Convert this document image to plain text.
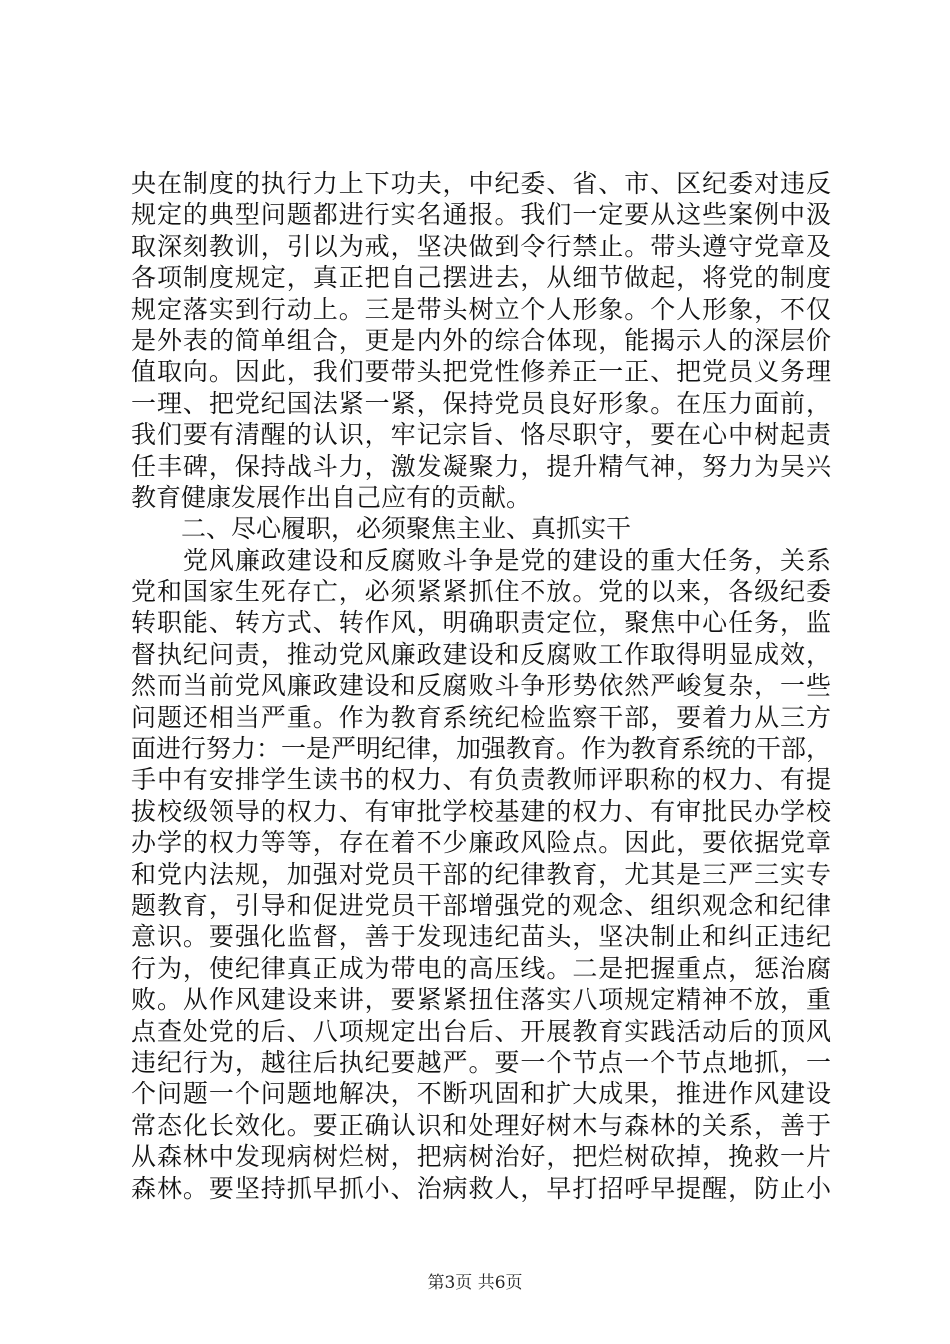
央在制度的执行力上下功夫，中纪委、省、市、区纪委对违反
规定的典型问题都进行实名通报。我们一定要从这些案例中汲
取深刻教训，引以为戒，坚决做到令行禁止。带头遵守党章及
各项制度规定，真正把自己摆进去，从细节做起，将党的制度
规定落实到行动上。三是带头树立个人形象。个人形象，不仅
是外表的简单组合，更是内外的综合体现，能揭示人的深层价
值取向。因此，我们要带头把党性修养正一正、把党员义务理
一理、把党纪国法紧一紧，保持党员良好形象。在压力面前，
我们要有清醒的认识，牢记宗旨、恪尽职守，要在心中树起责
任丰碑，保持战斗力，激发凝聚力，提升精气神，努力为吴兴
教育健康发展作出自己应有的贡献。
　　二、尽心履职，必须聚焦主业、真抓实干
　　党风廉政建设和反腐败斗争是党的建设的重大任务，关系
党和国家生死存亡，必须紧紧抓住不放。党的以来，各级纪委
转职能、转方式、转作风，明确职责定位，聚焦中心任务，监
督执纪问责，推动党风廉政建设和反腐败工作取得明显成效，
然而当前党风廉政建设和反腐败斗争形势依然严峻复杂，一些
问题还相当严重。作为教育系统纪检监察干部，要着力从三方
面进行努力：一是严明纪律，加强教育。作为教育系统的干部，
手中有安排学生读书的权力、有负责教师评职称的权力、有提
拔校级领导的权力、有审批学校基建的权力、有审批民办学校
办学的权力等等，存在着不少廉政风险点。因此，要依据党章
和党内法规，加强对党员干部的纪律教育，尤其是三严三实专
题教育，引导和促进党员干部增强党的观念、组织观念和纪律
意识。要强化监督，善于发现违纪苗头，坚决制止和纠正违纪
行为，使纪律真正成为带电的高压线。二是把握重点，惩治腐
败。从作风建设来讲，要紧紧扭住落实八项规定精神不放，重
点查处党的后、八项规定出台后、开展教育实践活动后的顶风
违纪行为，越往后执纪要越严。要一个节点一个节点地抓，一
个问题一个问题地解决，不断巩固和扩大成果，推进作风建设
常态化长效化。要正确认识和处理好树木与森林的关系，善于
从森林中发现病树烂树，把病树治好，把烂树砍掉，挽救一片
森林。要坚持抓早抓小、治病救人，早打招呼早提醒，防止小
第3页 共6页
